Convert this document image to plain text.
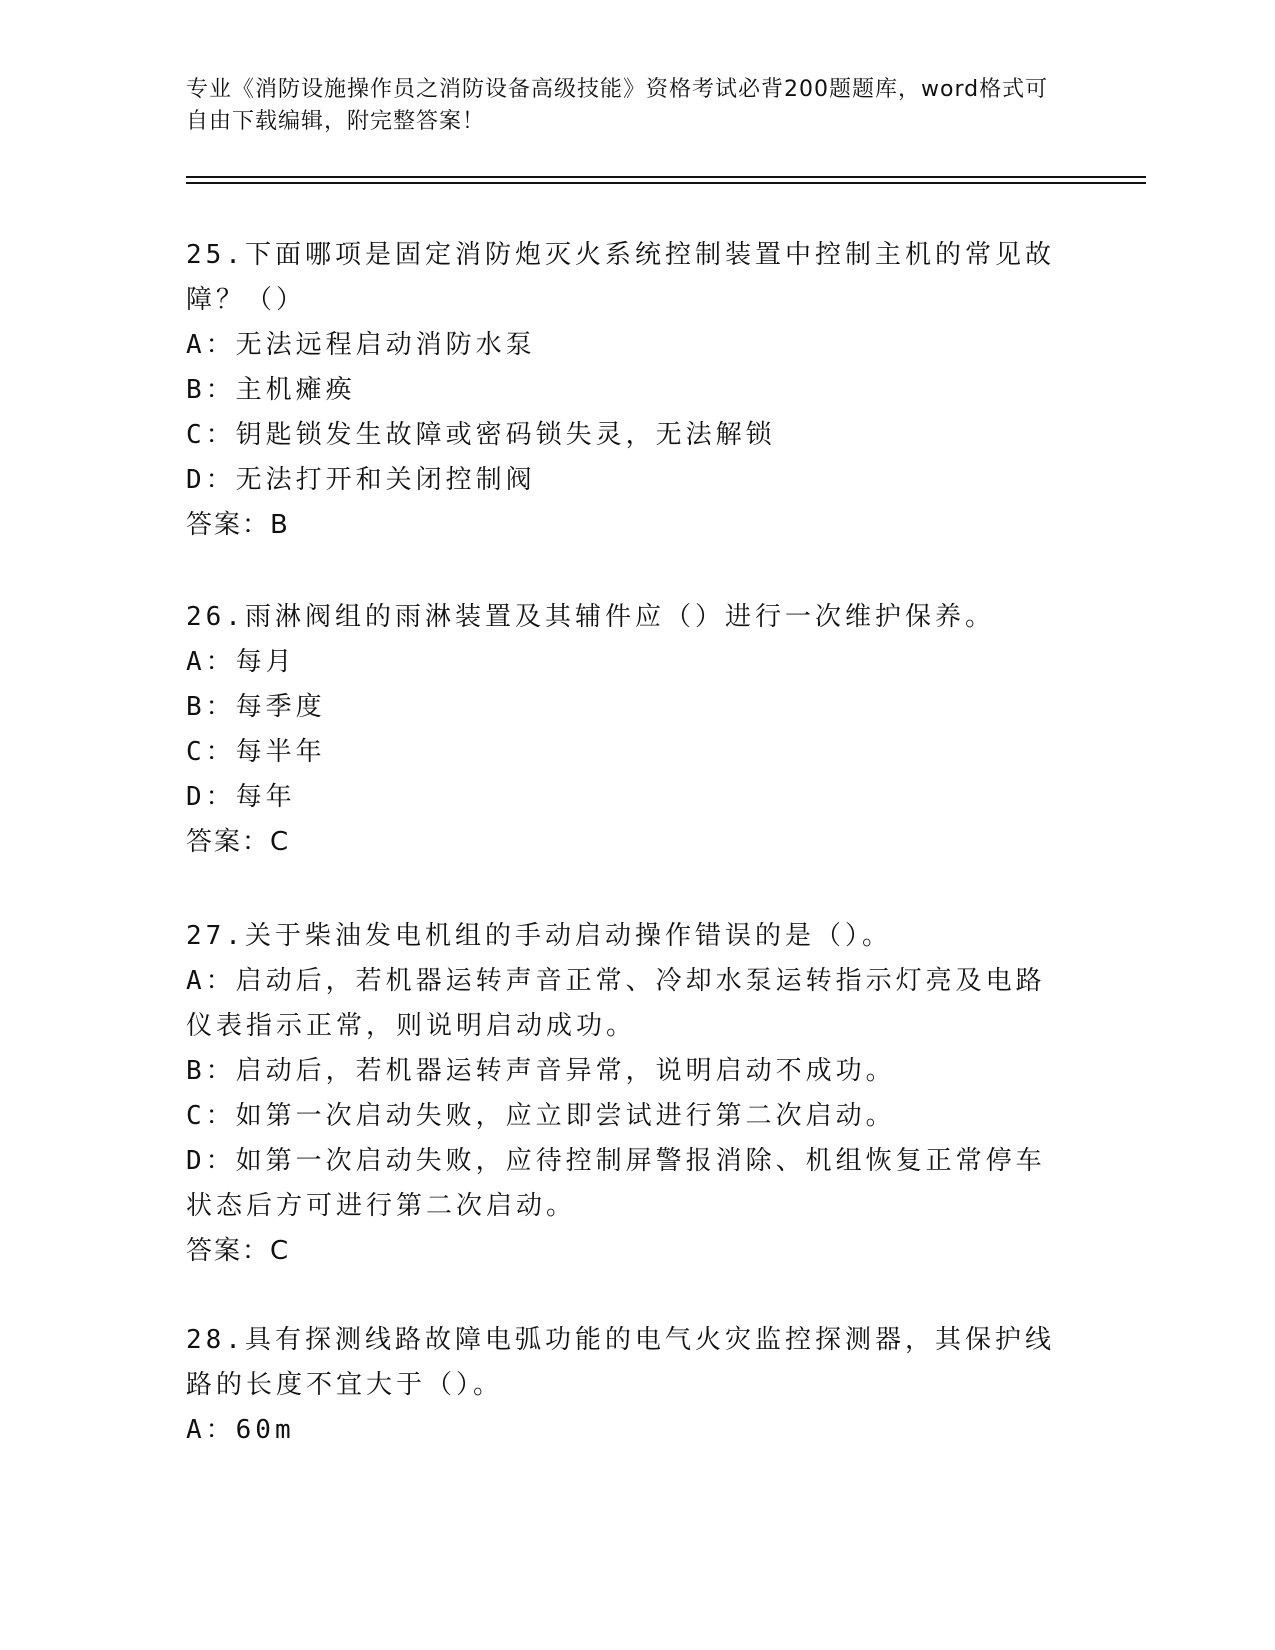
专业《消防设施操作员之消防设备高级技能》资格考试必背200题题库，word格式可自由下载编辑，附完整答案！
25.下面哪项是固定消防炮灭火系统控制装置中控制主机的常见故障？（）
A：无法远程启动消防水泵
B：主机瘫痪
C：钥匙锁发生故障或密码锁失灵，无法解锁
D：无法打开和关闭控制阀
答案：B
26.雨淋阀组的雨淋装置及其辅件应（）进行一次维护保养。
A：每月
B：每季度
C：每半年
D：每年
答案：C
27.关于柴油发电机组的手动启动操作错误的是（）。
A：启动后，若机器运转声音正常、冷却水泵运转指示灯亮及电路仪表指示正常，则说明启动成功。
B：启动后，若机器运转声音异常，说明启动不成功。
C：如第一次启动失败，应立即尝试进行第二次启动。
D：如第一次启动失败，应待控制屏警报消除、机组恢复正常停车状态后方可进行第二次启动。
答案：C
28.具有探测线路故障电弧功能的电气火灾监控探测器，其保护线路的长度不宜大于（）。
A：60m
